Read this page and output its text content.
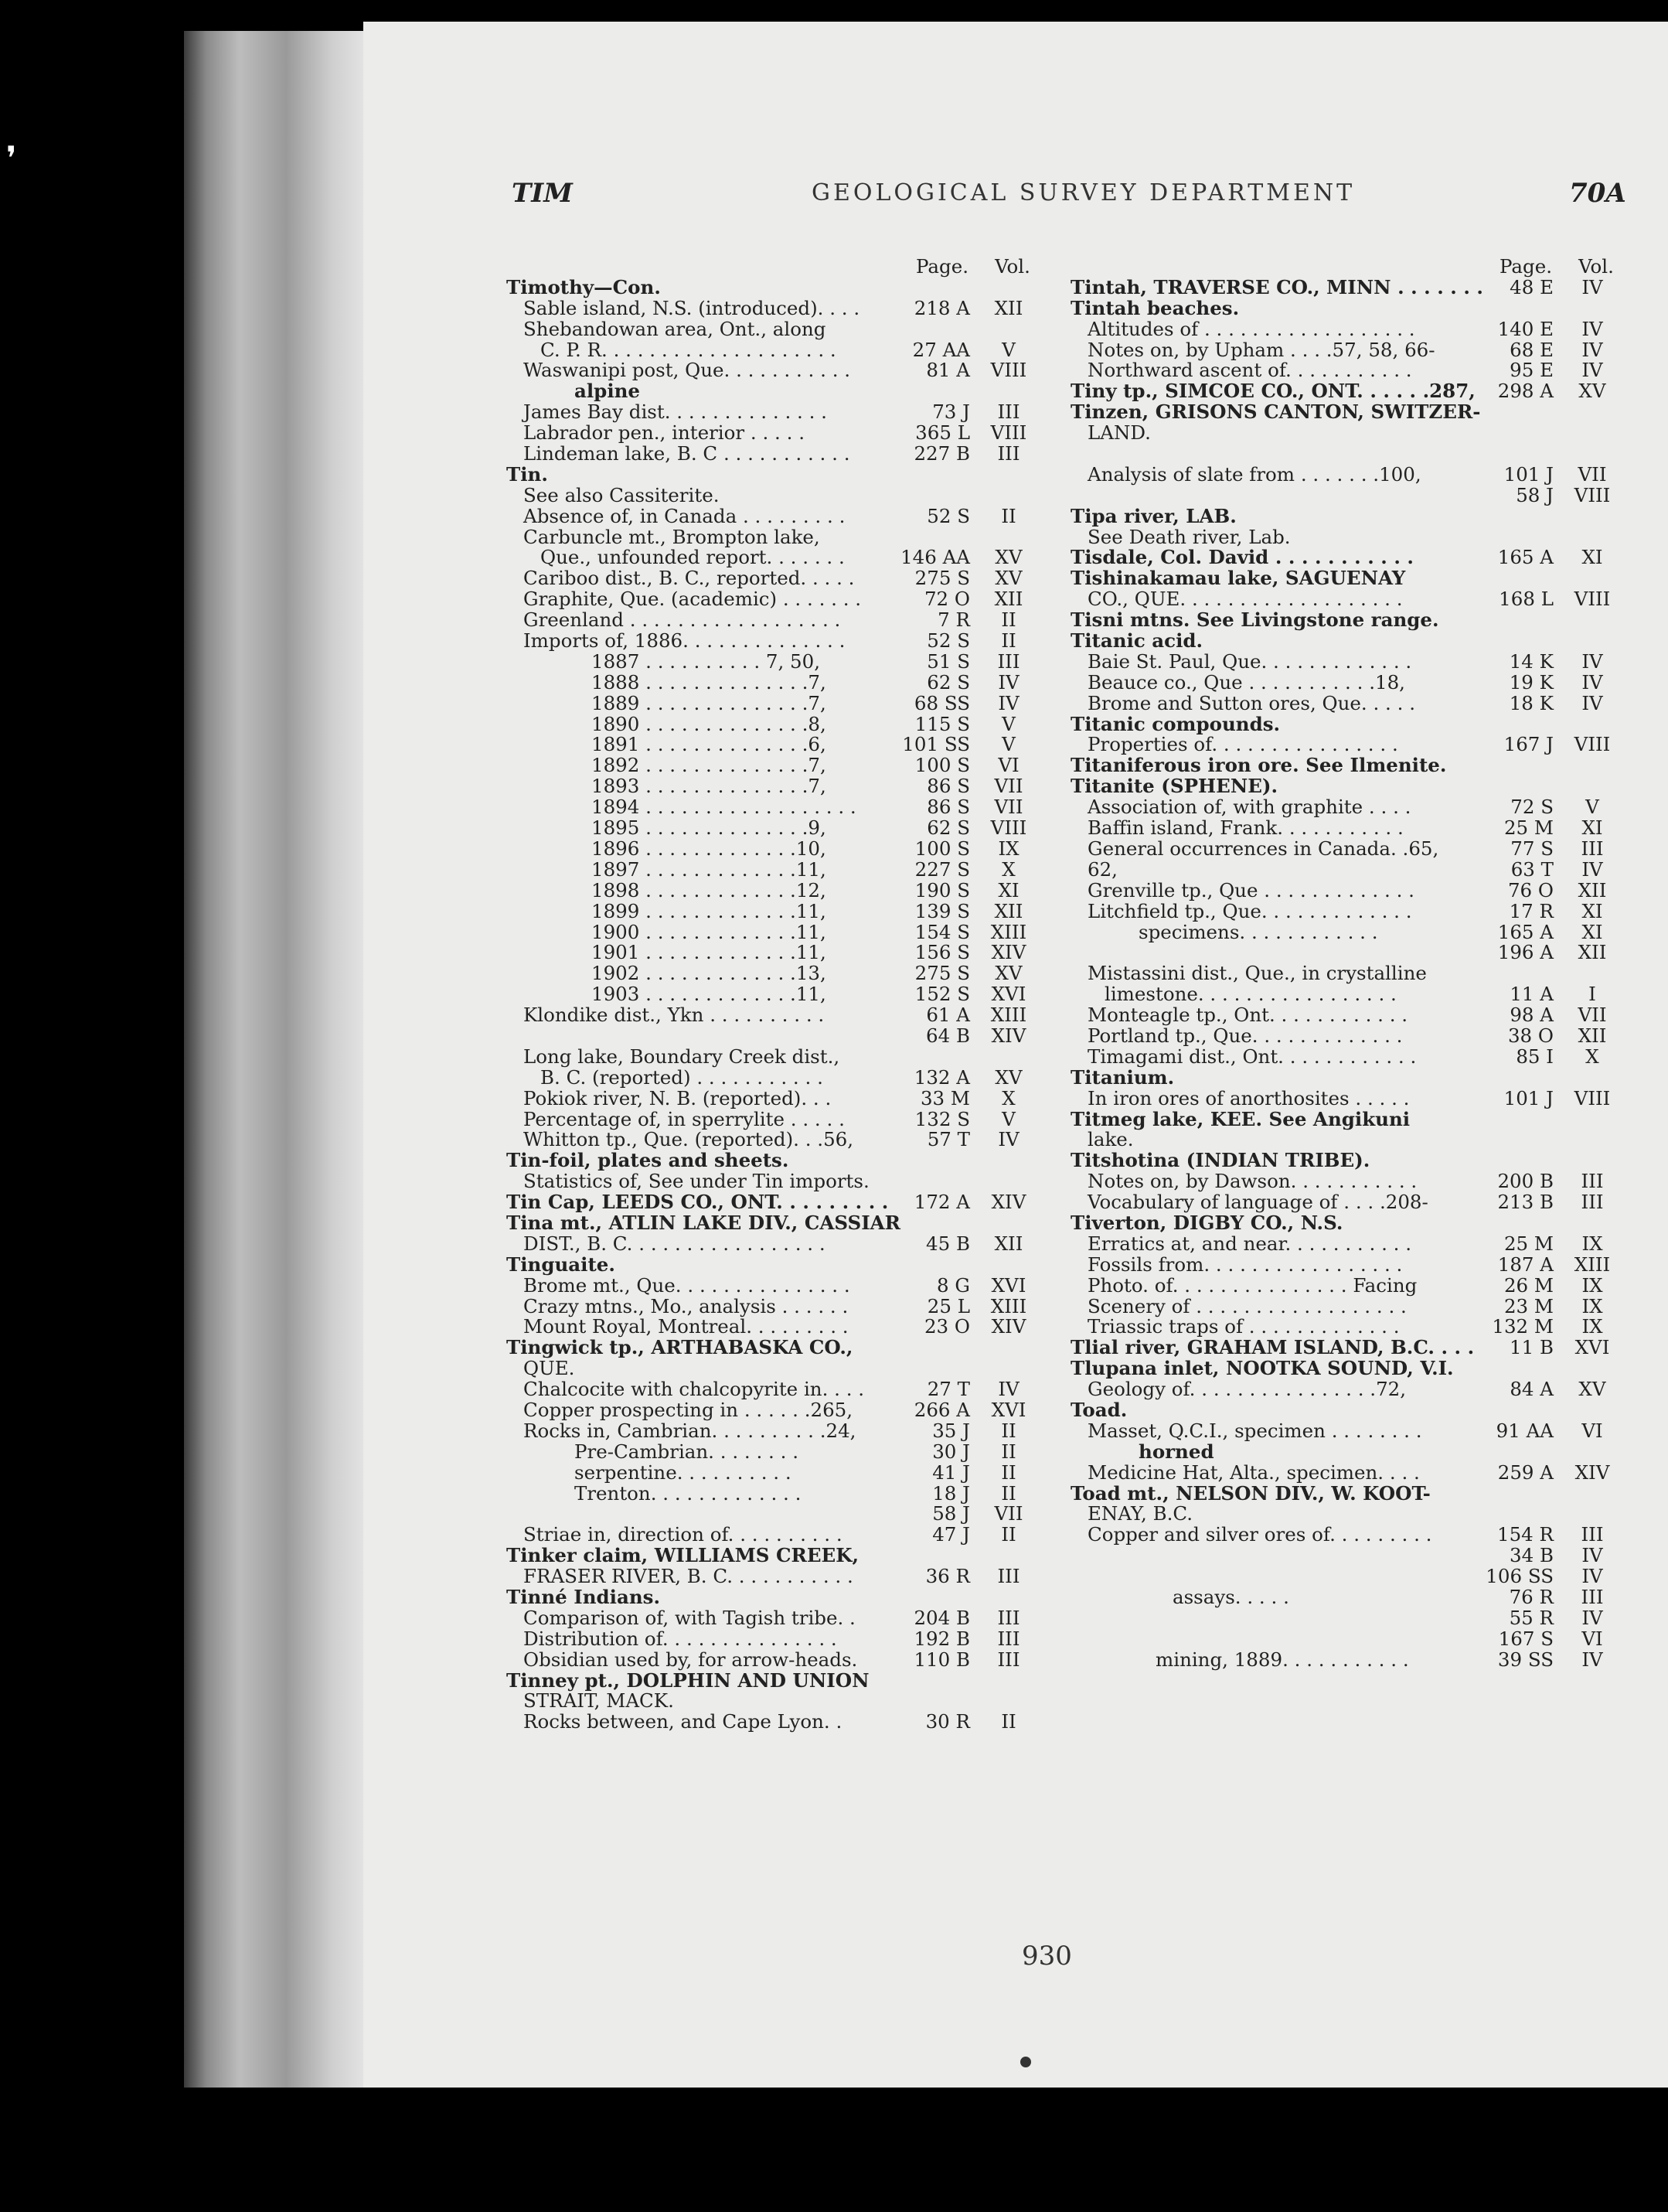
❜
TIM	GEOLOGICAL SURVEY DEPARTMENT	70A
Page.	Vol.
Timothy—Con.
Sable island, N.S. (introduced). . . .	218 A	XII
Shebandowan area, Ont., along
C. P. R. . . . . . . . . . . . . . . . . . . .	27 AA	V
Waswanipi post, Que. . . . . . . . . . .	81 A	VIII
alpine
James Bay dist. . . . . . . . . . . . . .	73 J	III
Labrador pen., interior . . . . .	365 L	VIII
Lindeman lake, B. C . . . . . . . . . . .	227 B	III
Tin.
See also Cassiterite.
Absence of, in Canada . . . . . . . . .	52 S	II
Carbuncle mt., Brompton lake,
Que., unfounded report. . . . . . .	146 AA	XV
Cariboo dist., B. C., reported. . . . .	275 S	XV
Graphite, Que. (academic) . . . . . . .	72 O	XII
Greenland . . . . . . . . . . . . . . . . . .	7 R	II
Imports of, 1886. . . . . . . . . . . . . .	52 S	II
1887 . . . . . . . . . . 7, 50,	51 S	III
1888 . . . . . . . . . . . . . .7,	62 S	IV
1889 . . . . . . . . . . . . . .7,	68 SS	IV
1890 . . . . . . . . . . . . . .8,	115 S	V
1891 . . . . . . . . . . . . . .6,	101 SS	V
1892 . . . . . . . . . . . . . .7,	100 S	VI
1893 . . . . . . . . . . . . . .7,	86 S	VII
1894 . . . . . . . . . . . . . . . . . .	86 S	VII
1895 . . . . . . . . . . . . . .9,	62 S	VIII
1896 . . . . . . . . . . . . .10,	100 S	IX
1897 . . . . . . . . . . . . .11,	227 S	X
1898 . . . . . . . . . . . . .12,	190 S	XI
1899 . . . . . . . . . . . . .11,	139 S	XII
1900 . . . . . . . . . . . . .11,	154 S	XIII
1901 . . . . . . . . . . . . .11,	156 S	XIV
1902 . . . . . . . . . . . . .13,	275 S	XV
1903 . . . . . . . . . . . . .11,	152 S	XVI
Klondike dist., Ykn . . . . . . . . . .	61 A	XIII
64 B	XIV
Long lake, Boundary Creek dist.,
B. C. (reported) . . . . . . . . . . .	132 A	XV
Pokiok river, N. B. (reported). . .	33 M	X
Percentage of, in sperrylite . . . . .	132 S	V
Whitton tp., Que. (reported). . .56,	57 T	IV
Tin-foil, plates and sheets.
Statistics of, See under Tin imports.
Tin Cap, LEEDS CO., ONT. . . . . . . . . 172 A	XIV
Tina mt., ATLIN LAKE DIV., CASSIAR
DIST., B. C. . . . . . . . . . . . . . . . .	45 B	XII
Tinguaite.
Brome mt., Que. . . . . . . . . . . . . . .	8 G	XVI
Crazy mtns., Mo., analysis . . . . . .	25 L	XIII
Mount Royal, Montreal. . . . . . . . .	23 O	XIV
Tingwick tp., ARTHABASKA CO.,
QUE.
Chalcocite with chalcopyrite in. . . .	27 T	IV
Copper prospecting in . . . . . .265,	266 A	XVI
Rocks in, Cambrian. . . . . . . . . .24,	35 J	II
Pre-Cambrian. . . . . . . .	30 J	II
serpentine. . . . . . . . . .	41 J	II
Trenton. . . . . . . . . . . . .	18 J	II
58 J	VII
Striae in, direction of. . . . . . . . . .	47 J	II
Tinker claim, WILLIAMS CREEK,
FRASER RIVER, B. C. . . . . . . . . . .	36 R	III
Tinné Indians.
Comparison of, with Tagish tribe. .	204 B	III
Distribution of. . . . . . . . . . . . . . .	192 B	III
Obsidian used by, for arrow-heads.	110 B	III
Tinney pt., DOLPHIN AND UNION
STRAIT, MACK.
Rocks between, and Cape Lyon. .	30 R	II
Page.	Vol.
Tintah, TRAVERSE CO., MINN . . . . . . . 48 E	IV
Tintah beaches.
Altitudes of . . . . . . . . . . . . . . . . . .	140 E	IV
Notes on, by Upham . . . .57, 58, 66-	68 E	IV
Northward ascent of. . . . . . . . . . .	95 E	IV
Tiny tp., SIMCOE CO., ONT. . . . . .287, 298 A	XV
Tinzen, GRISONS CANTON, SWITZER-
LAND.
Analysis of slate from . . . . . . .100,	101 J	VII
58 J	VIII
Tipa river, LAB.
See Death river, Lab.
Tisdale, Col. David . . . . . . . . . . .	165 A	XI
Tishinakamau lake, SAGUENAY
CO., QUE. . . . . . . . . . . . . . . . . . .	168 L	VIII
Tisni mtns. See Livingstone range.
Titanic acid.
Baie St. Paul, Que. . . . . . . . . . . . .	14 K	IV
Beauce co., Que . . . . . . . . . . .18,	19 K	IV
Brome and Sutton ores, Que. . . . .	18 K	IV
Titanic compounds.
Properties of. . . . . . . . . . . . . . . .	167 J	VIII
Titaniferous iron ore. See Ilmenite.
Titanite (SPHENE).
Association of, with graphite . . . .	72 S	V
Baffin island, Frank. . . . . . . . . . .	25 M	XI
General occurrences in Canada. .65,	77 S	III
62,	63 T	IV
Grenville tp., Que . . . . . . . . . . . . .	76 O	XII
Litchfield tp., Que. . . . . . . . . . . . .	17 R	XI
specimens. . . . . . . . . . . .	165 A	XI
196 A	XII
Mistassini dist., Que., in crystalline
limestone. . . . . . . . . . . . . . . . .	11 A	I
Monteagle tp., Ont. . . . . . . . . . . .	98 A	VII
Portland tp., Que. . . . . . . . . . . . .	38 O	XII
Timagami dist., Ont. . . . . . . . . . . .	85 I	X
Titanium.
In iron ores of anorthosites . . . . .	101 J	VIII
Titmeg lake, KEE. See Angikuni
lake.
Titshotina (INDIAN TRIBE).
Notes on, by Dawson. . . . . . . . . . .	200 B	III
Vocabulary of language of . . . .208-	213 B	III
Tiverton, DIGBY CO., N.S.
Erratics at, and near. . . . . . . . . . .	25 M	IX
Fossils from. . . . . . . . . . . . . . . . .	187 A	XIII
Photo. of. . . . . . . . . . . . . . . Facing	26 M	IX
Scenery of . . . . . . . . . . . . . . . . . .	23 M	IX
Triassic traps of . . . . . . . . . . . . .	132 M	IX
Tlial river, GRAHAM ISLAND, B.C. . . . 11 B	XVI
Tlupana inlet, NOOTKA SOUND, V.I.
Geology of. . . . . . . . . . . . . . . .72,	84 A	XV
Toad.
Masset, Q.C.I., specimen . . . . . . . .	91 AA	VI
horned
Medicine Hat, Alta., specimen. . . .	259 A	XIV
Toad mt., NELSON DIV., W. KOOT-
ENAY, B.C.
Copper and silver ores of. . . . . . . . .	154 R	III
34 B	IV
106 SS	IV
assays. . . . .	76 R	III
55 R	IV
167 S	VI
mining, 1889. . . . . . . . . . .	39 SS	IV
930
